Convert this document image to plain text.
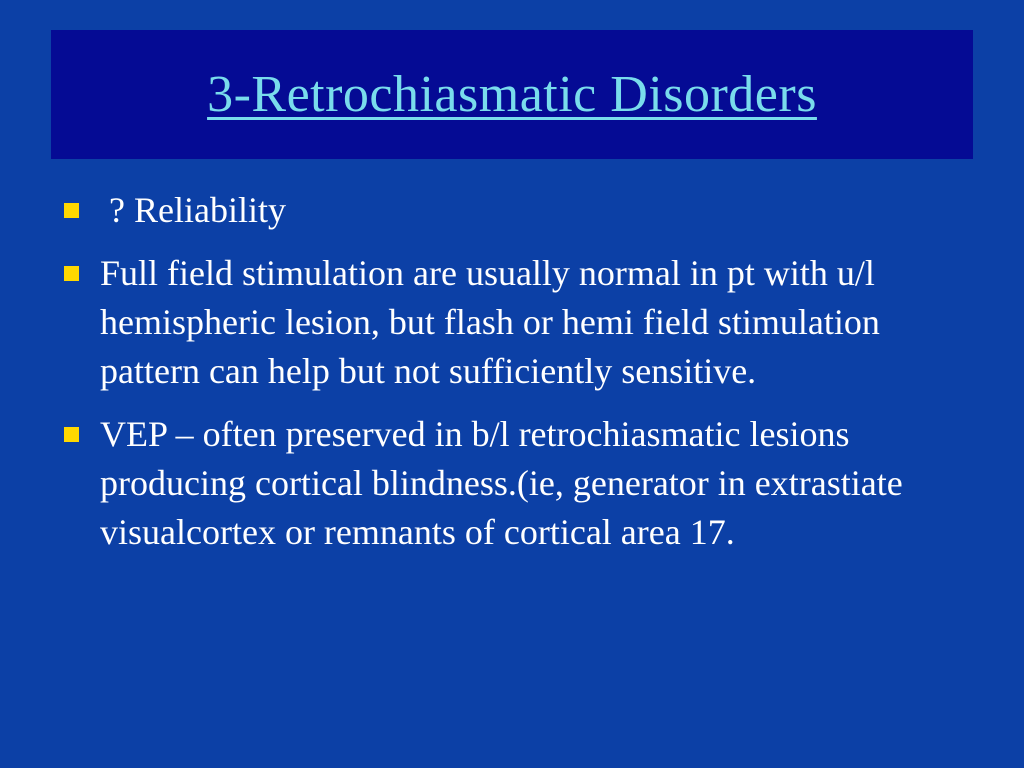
3-Retrochiasmatic Disorders
? Reliability
Full field stimulation are usually normal in pt with u/l hemispheric lesion, but flash or hemi field stimulation pattern can help but not sufficiently sensitive.
VEP – often preserved in b/l retrochiasmatic lesions producing cortical blindness.(ie, generator in extrastiate visualcortex or remnants of cortical area 17.
